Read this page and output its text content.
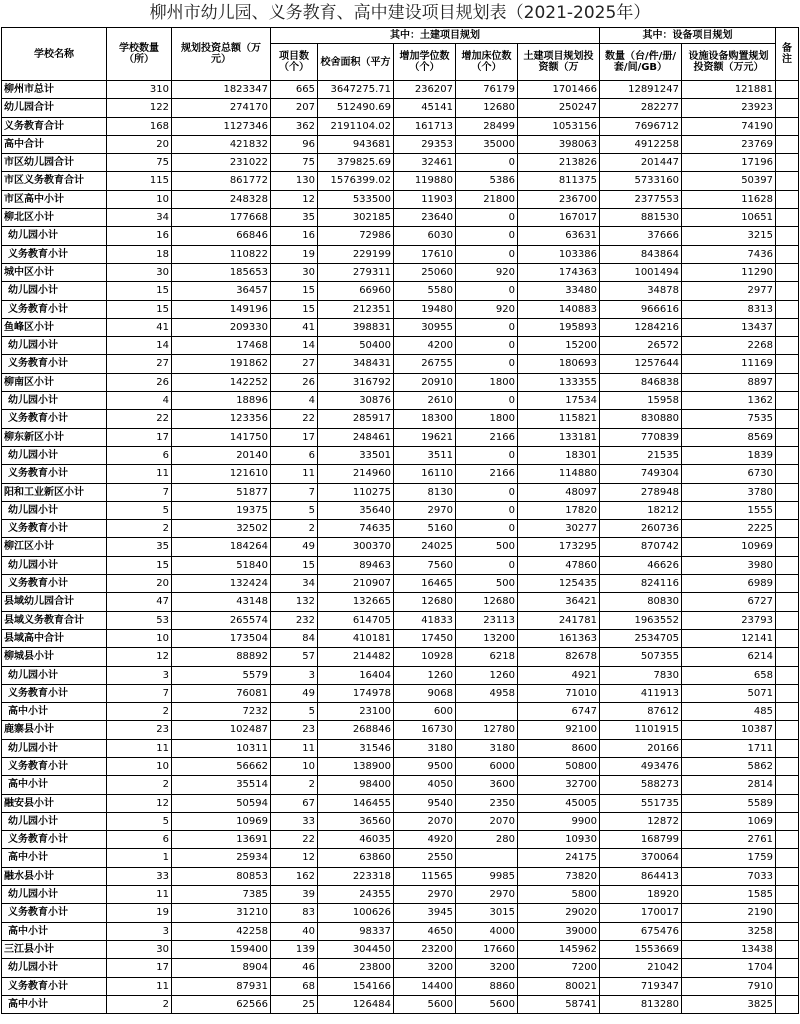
柳州市幼儿园、义务教育、高中建设项目规划表（2021-2025年）
学校名称	学校数量（所）	规划投资总额（万元）	其中：土建项目规划					其中：设备项目规划		备注
			项目数（个）	校舍面积（平方	增加学位数（个）	增加床位数（个）	土建项目规划投资额（万	数量（台/件/册/套/间/GB）	设施设备购置规划投资额（万元）	
柳州市总计	310	1823347	665	3647275.71	236207	76179	1701466	12891247	121881	
幼儿园合计	122	274170	207	512490.69	45141	12680	250247	282277	23923	
义务教育合计	168	1127346	362	2191104.02	161713	28499	1053156	7696712	74190	
高中合计	20	421832	96	943681	29353	35000	398063	4912258	23769	
市区幼儿园合计	75	231022	75	379825.69	32461	0	213826	201447	17196	
市区义务教育合计	115	861772	130	1576399.02	119880	5386	811375	5733160	50397	
市区高中小计	10	248328	12	533500	11903	21800	236700	2377553	11628	
柳北区小计	34	177668	35	302185	23640	0	167017	881530	10651	
幼儿园小计	16	66846	16	72986	6030	0	63631	37666	3215	
义务教育小计	18	110822	19	229199	17610	0	103386	843864	7436	
城中区小计	30	185653	30	279311	25060	920	174363	1001494	11290	
幼儿园小计	15	36457	15	66960	5580	0	33480	34878	2977	
义务教育小计	15	149196	15	212351	19480	920	140883	966616	8313	
鱼峰区小计	41	209330	41	398831	30955	0	195893	1284216	13437	
幼儿园小计	14	17468	14	50400	4200	0	15200	26572	2268	
义务教育小计	27	191862	27	348431	26755	0	180693	1257644	11169	
柳南区小计	26	142252	26	316792	20910	1800	133355	846838	8897	
幼儿园小计	4	18896	4	30876	2610	0	17534	15958	1362	
义务教育小计	22	123356	22	285917	18300	1800	115821	830880	7535	
柳东新区小计	17	141750	17	248461	19621	2166	133181	770839	8569	
幼儿园小计	6	20140	6	33501	3511	0	18301	21535	1839	
义务教育小计	11	121610	11	214960	16110	2166	114880	749304	6730	
阳和工业新区小计	7	51877	7	110275	8130	0	48097	278948	3780	
幼儿园小计	5	19375	5	35640	2970	0	17820	18212	1555	
义务教育小计	2	32502	2	74635	5160	0	30277	260736	2225	
柳江区小计	35	184264	49	300370	24025	500	173295	870742	10969	
幼儿园小计	15	51840	15	89463	7560	0	47860	46626	3980	
义务教育小计	20	132424	34	210907	16465	500	125435	824116	6989	
县域幼儿园合计	47	43148	132	132665	12680	12680	36421	80830	6727	
县域义务教育合计	53	265574	232	614705	41833	23113	241781	1963552	23793	
县域高中合计	10	173504	84	410181	17450	13200	161363	2534705	12141	
柳城县小计	12	88892	57	214482	10928	6218	82678	507355	6214	
幼儿园小计	3	5579	3	16404	1260	1260	4921	7830	658	
义务教育小计	7	76081	49	174978	9068	4958	71010	411913	5071	
高中小计	2	7232	5	23100	600		6747	87612	485	
鹿寨县小计	23	102487	23	268846	16730	12780	92100	1101915	10387	
幼儿园小计	11	10311	11	31546	3180	3180	8600	20166	1711	
义务教育小计	10	56662	10	138900	9500	6000	50800	493476	5862	
高中小计	2	35514	2	98400	4050	3600	32700	588273	2814	
融安县小计	12	50594	67	146455	9540	2350	45005	551735	5589	
幼儿园小计	5	10969	33	36560	2070	2070	9900	12872	1069	
义务教育小计	6	13691	22	46035	4920	280	10930	168799	2761	
高中小计	1	25934	12	63860	2550		24175	370064	1759	
融水县小计	33	80853	162	223318	11565	9985	73820	864413	7033	
幼儿园小计	11	7385	39	24355	2970	2970	5800	18920	1585	
义务教育小计	19	31210	83	100626	3945	3015	29020	170017	2190	
高中小计	3	42258	40	98337	4650	4000	39000	675476	3258	
三江县小计	30	159400	139	304450	23200	17660	145962	1553669	13438	
幼儿园小计	17	8904	46	23800	3200	3200	7200	21042	1704	
义务教育小计	11	87931	68	154166	14400	8860	80021	719347	7910	
高中小计	2	62566	25	126484	5600	5600	58741	813280	3825	
